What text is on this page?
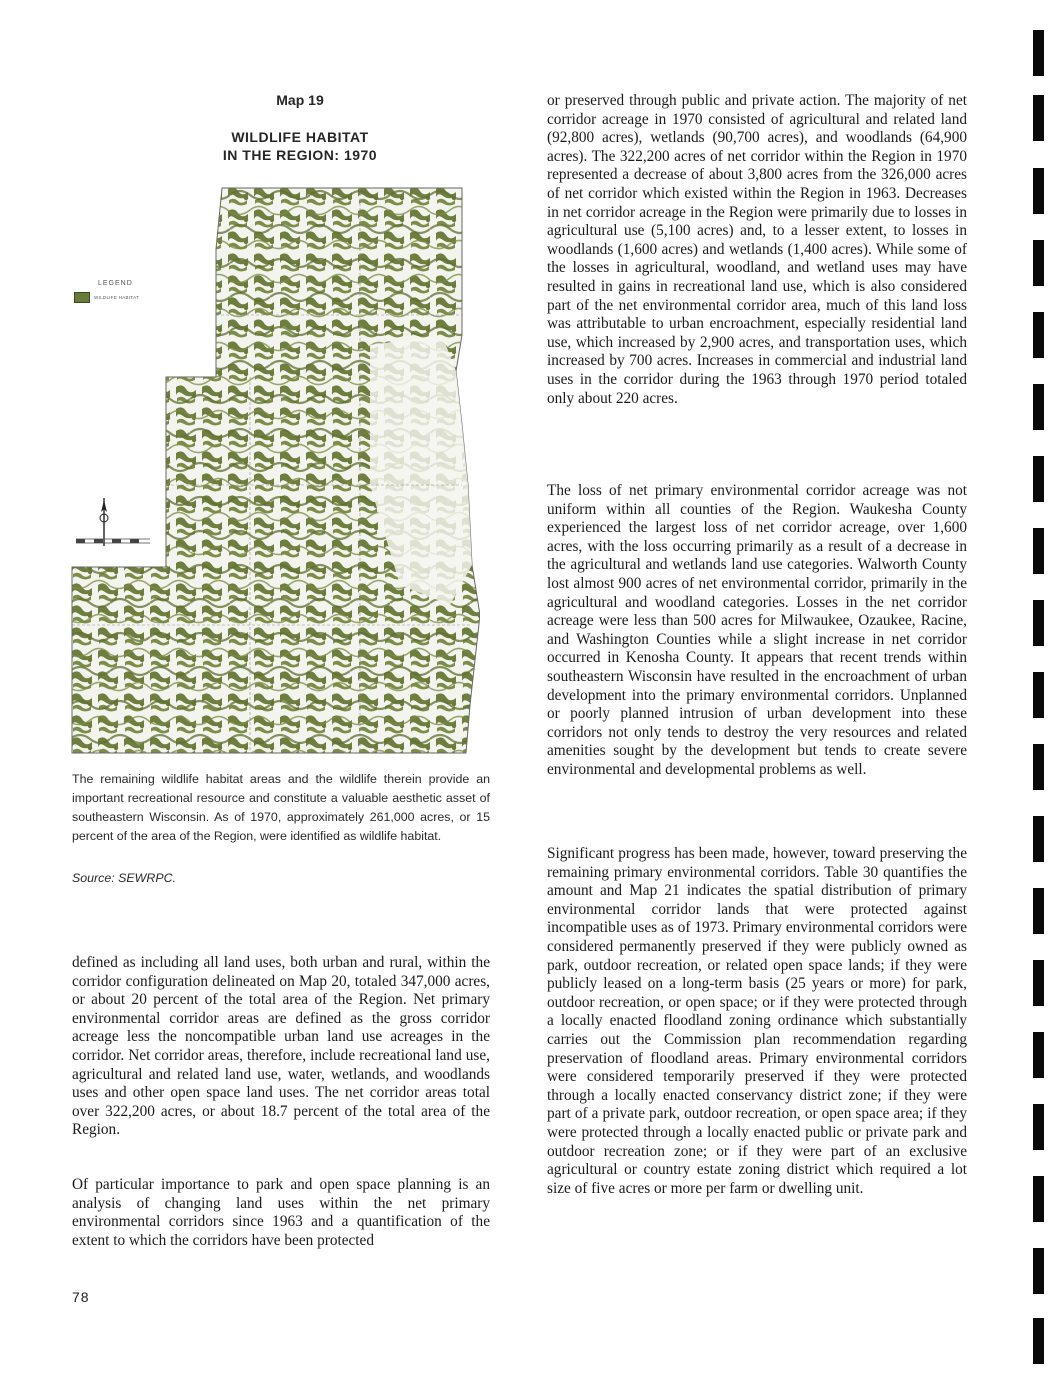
Map 19
WILDLIFE HABITAT
IN THE REGION: 1970
LEGEND
WILDLIFE HABITAT

The remaining wildlife habitat areas and the wildlife therein provide an important recreational resource and constitute a valuable aesthetic asset of southeastern Wisconsin. As of 1970, approximately 261,000 acres, or 15 percent of the area of the Region, were identified as wildlife habitat.

Source: SEWRPC.

defined as including all land uses, both urban and rural, within the corridor configuration delineated on Map 20, totaled 347,000 acres, or about 20 percent of the total area of the Region. Net primary environmental corridor areas are defined as the gross corridor acreage less the noncompatible urban land use acreages in the corridor. Net corridor areas, therefore, include recreational land use, agricultural and related land use, water, wetlands, and woodlands uses and other open space land uses. The net corridor areas total over 322,200 acres, or about 18.7 percent of the total area of the Region.

Of particular importance to park and open space planning is an analysis of changing land uses within the net primary environmental corridors since 1963 and a quantification of the extent to which the corridors have been protected

or preserved through public and private action. The majority of net corridor acreage in 1970 consisted of agricultural and related land (92,800 acres), wetlands (90,700 acres), and woodlands (64,900 acres). The 322,200 acres of net corridor within the Region in 1970 represented a decrease of about 3,800 acres from the 326,000 acres of net corridor which existed within the Region in 1963. Decreases in net corridor acreage in the Region were primarily due to losses in agricultural use (5,100 acres) and, to a lesser extent, to losses in woodlands (1,600 acres) and wetlands (1,400 acres). While some of the losses in agricultural, woodland, and wetland uses may have resulted in gains in recreational land use, which is also considered part of the net environmental corridor area, much of this land loss was attributable to urban encroachment, especially residential land use, which increased by 2,900 acres, and transportation uses, which increased by 700 acres. Increases in commercial and industrial land uses in the corridor during the 1963 through 1970 period totaled only about 220 acres.

The loss of net primary environmental corridor acreage was not uniform within all counties of the Region. Waukesha County experienced the largest loss of net corridor acreage, over 1,600 acres, with the loss occurring primarily as a result of a decrease in the agricultural and wetlands land use categories. Walworth County lost almost 900 acres of net environmental corridor, primarily in the agricultural and woodland categories. Losses in the net corridor acreage were less than 500 acres for Milwaukee, Ozaukee, Racine, and Washington Counties while a slight increase in net corridor occurred in Kenosha County. It appears that recent trends within southeastern Wisconsin have resulted in the encroachment of urban development into the primary environmental corridors. Unplanned or poorly planned intrusion of urban development into these corridors not only tends to destroy the very resources and related amenities sought by the development but tends to create severe environmental and developmental problems as well.

Significant progress has been made, however, toward preserving the remaining primary environmental corridors. Table 30 quantifies the amount and Map 21 indicates the spatial distribution of primary environmental corridor lands that were protected against incompatible uses as of 1973. Primary environmental corridors were considered permanently preserved if they were publicly owned as park, outdoor recreation, or related open space lands; if they were publicly leased on a long-term basis (25 years or more) for park, outdoor recreation, or open space; or if they were protected through a locally enacted floodland zoning ordinance which substantially carries out the Commission plan recommendation regarding preservation of floodland areas. Primary environmental corridors were considered temporarily preserved if they were protected through a locally enacted conservancy district zone; if they were part of a private park, outdoor recreation, or open space area; if they were protected through a locally enacted public or private park and outdoor recreation zone; or if they were part of an exclusive agricultural or country estate zoning district which required a lot size of five acres or more per farm or dwelling unit.

78
